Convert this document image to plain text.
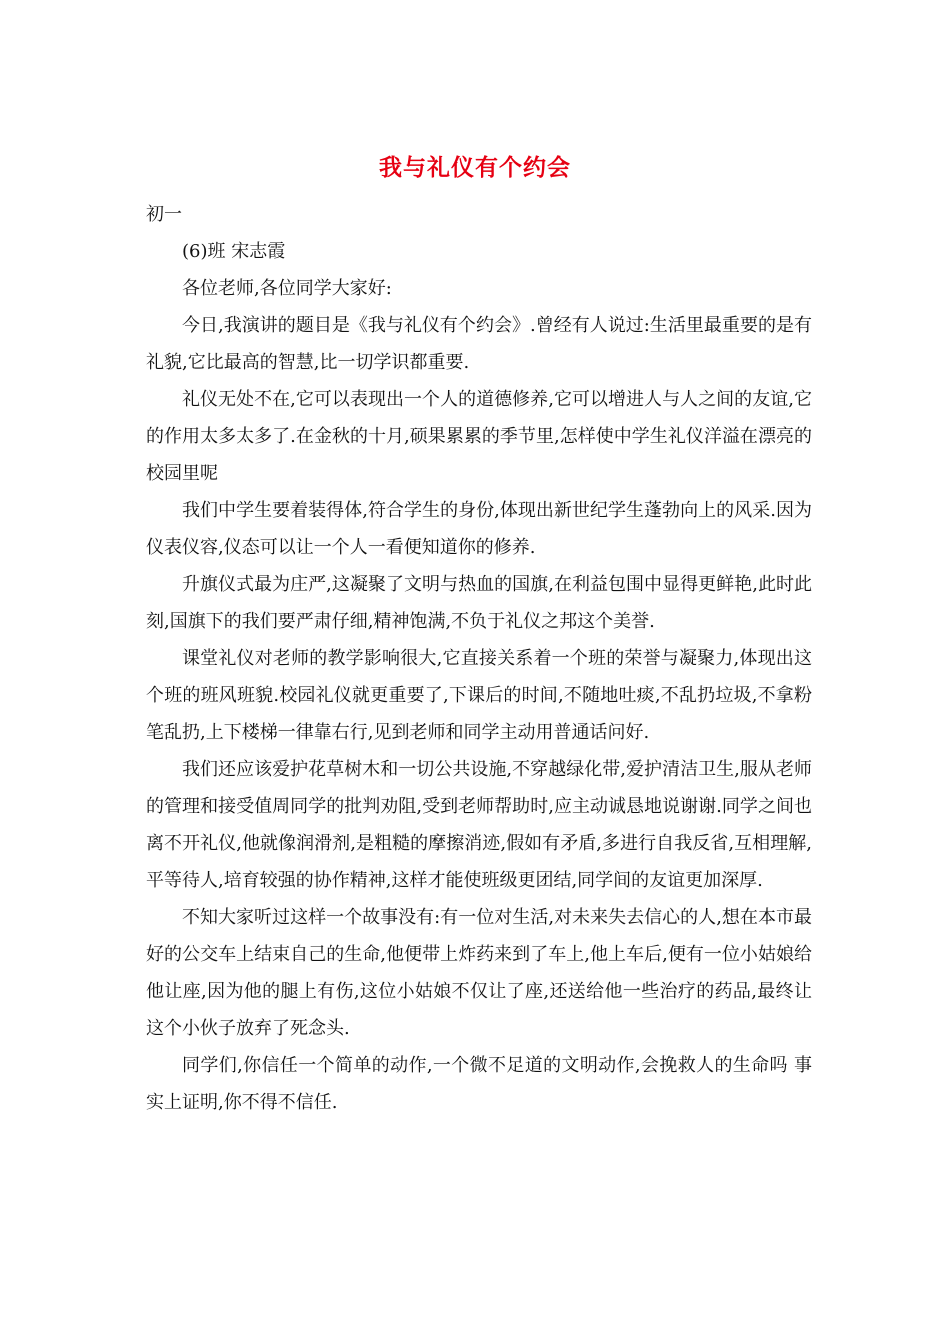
我与礼仪有个约会

初一

(6)班 宋志霞

各位老师,各位同学大家好:

今日,我演讲的题目是《我与礼仪有个约会》.曾经有人说过:生活里最重要的是有礼貌,它比最高的智慧,比一切学识都重要.

礼仪无处不在,它可以表现出一个人的道德修养,它可以增进人与人之间的友谊,它的作用太多太多了.在金秋的十月,硕果累累的季节里,怎样使中学生礼仪洋溢在漂亮的校园里呢

我们中学生要着装得体,符合学生的身份,体现出新世纪学生蓬勃向上的风采.因为仪表仪容,仪态可以让一个人一看便知道你的修养.

升旗仪式最为庄严,这凝聚了文明与热血的国旗,在利益包围中显得更鲜艳,此时此刻,国旗下的我们要严肃仔细,精神饱满,不负于礼仪之邦这个美誉.

课堂礼仪对老师的教学影响很大,它直接关系着一个班的荣誉与凝聚力,体现出这个班的班风班貌.校园礼仪就更重要了,下课后的时间,不随地吐痰,不乱扔垃圾,不拿粉笔乱扔,上下楼梯一律靠右行,见到老师和同学主动用普通话问好.

我们还应该爱护花草树木和一切公共设施,不穿越绿化带,爱护清洁卫生,服从老师的管理和接受值周同学的批判劝阻,受到老师帮助时,应主动诚恳地说谢谢.同学之间也离不开礼仪,他就像润滑剂,是粗糙的摩擦消迹,假如有矛盾,多进行自我反省,互相理解,平等待人,培育较强的协作精神,这样才能使班级更团结,同学间的友谊更加深厚.

不知大家听过这样一个故事没有:有一位对生活,对未来失去信心的人,想在本市最好的公交车上结束自己的生命,他便带上炸药来到了车上,他上车后,便有一位小姑娘给他让座,因为他的腿上有伤,这位小姑娘不仅让了座,还送给他一些治疗的药品,最终让这个小伙子放弃了死念头.

同学们,你信任一个简单的动作,一个微不足道的文明动作,会挽救人的生命吗 事实上证明,你不得不信任.
